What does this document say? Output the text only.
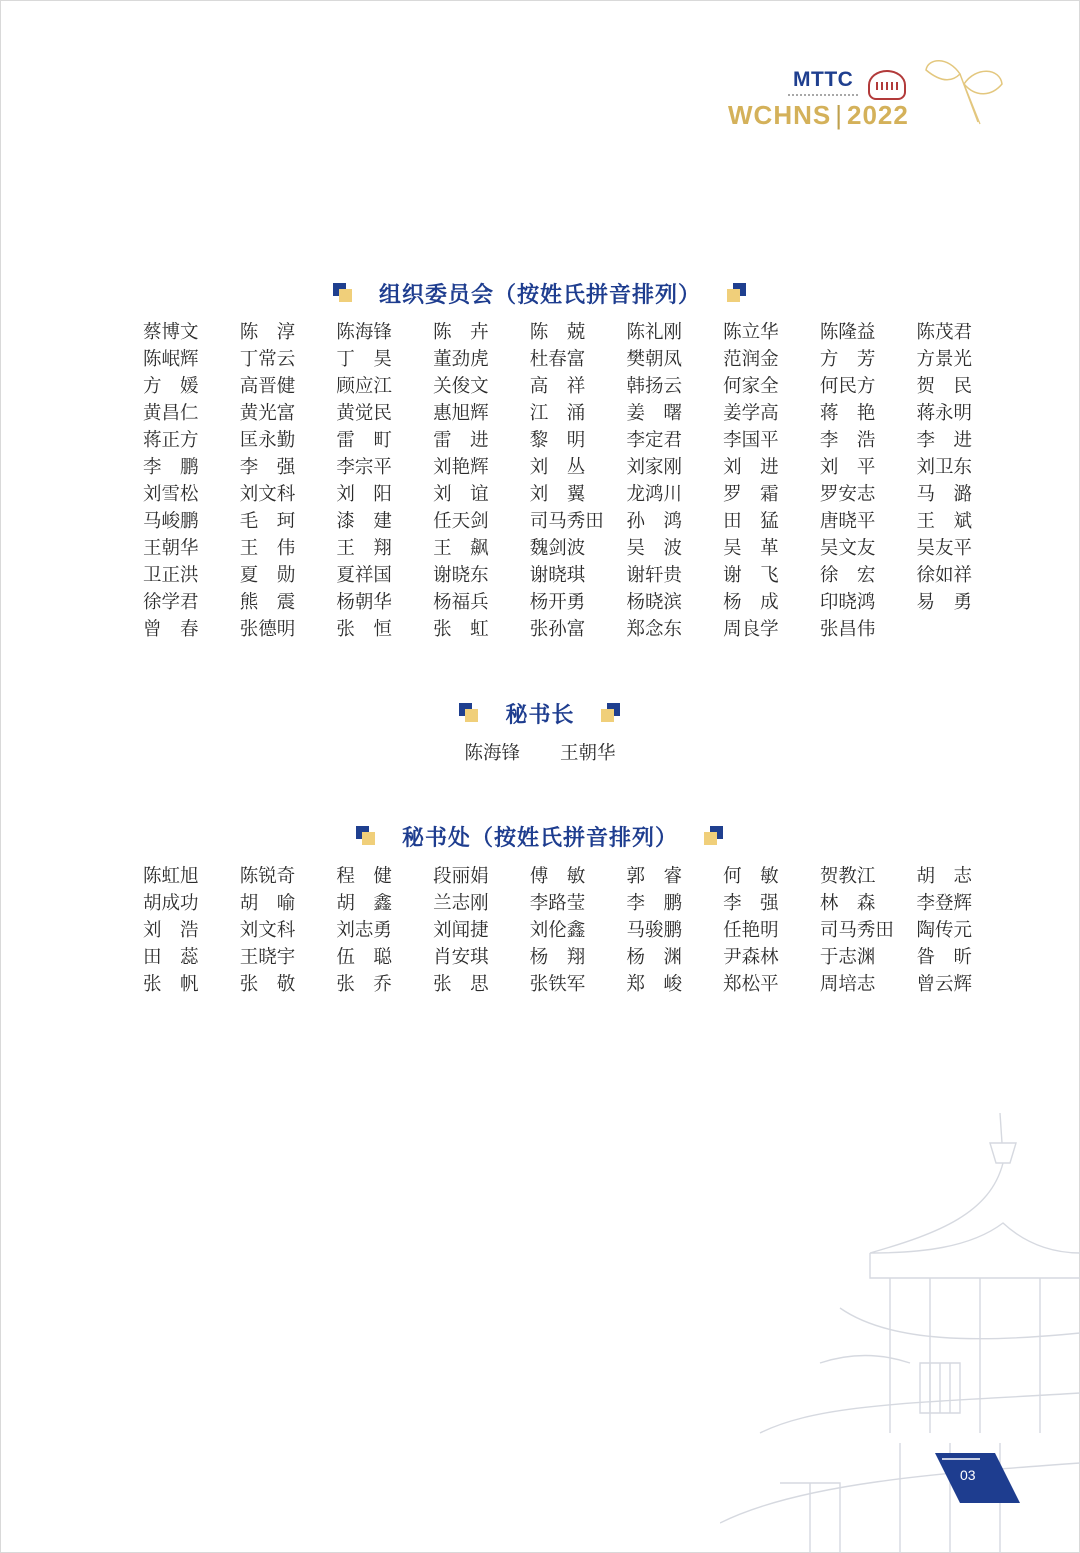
MTTC
WCHNS | 2022
组织委员会（按姓氏拼音排列）
蔡博文	陈　淳	陈海锋	陈　卉	陈　兢	陈礼刚	陈立华	陈隆益	陈茂君
陈岷辉	丁常云	丁　昊	董劲虎	杜春富	樊朝凤	范润金	方　芳	方景光
方　媛	高晋健	顾应江	关俊文	高　祥	韩扬云	何家全	何民方	贺　民
黄昌仁	黄光富	黄觉民	惠旭辉	江　涌	姜　曙	姜学高	蒋　艳	蒋永明
蒋正方	匡永勤	雷　町	雷　进	黎　明	李定君	李国平	李　浩	李　进
李　鹏	李　强	李宗平	刘艳辉	刘　丛	刘家刚	刘　进	刘　平	刘卫东
刘雪松	刘文科	刘　阳	刘　谊	刘　翼	龙鸿川	罗　霜	罗安志	马　潞
马峻鹏	毛　珂	漆　建	任天剑	司马秀田	孙　鸿	田　猛	唐晓平	王　斌
王朝华	王　伟	王　翔	王　飙	魏剑波	吴　波	吴　革	吴文友	吴友平
卫正洪	夏　勋	夏祥国	谢晓东	谢晓琪	谢轩贵	谢　飞	徐　宏	徐如祥
徐学君	熊　震	杨朝华	杨福兵	杨开勇	杨晓滨	杨　成	印晓鸿	易　勇
曾　春	张德明	张　恒	张　虹	张孙富	郑念东	周良学	张昌伟
秘书长
陈海锋 王朝华
秘书处（按姓氏拼音排列）
陈虹旭	陈锐奇	程　健	段丽娟	傅　敏	郭　睿	何　敏	贺教江	胡　志
胡成功	胡　喻	胡　鑫	兰志刚	李路莹	李　鹏	李　强	林　森	李登辉
刘　浩	刘文科	刘志勇	刘闻捷	刘伦鑫	马骏鹏	任艳明	司马秀田	陶传元
田　蕊	王晓宇	伍　聪	肖安琪	杨　翔	杨　渊	尹森林	于志渊	昝　昕
张　帆	张　敬	张　乔	张　思	张铁军	郑　峻	郑松平	周培志	曾云辉
03
